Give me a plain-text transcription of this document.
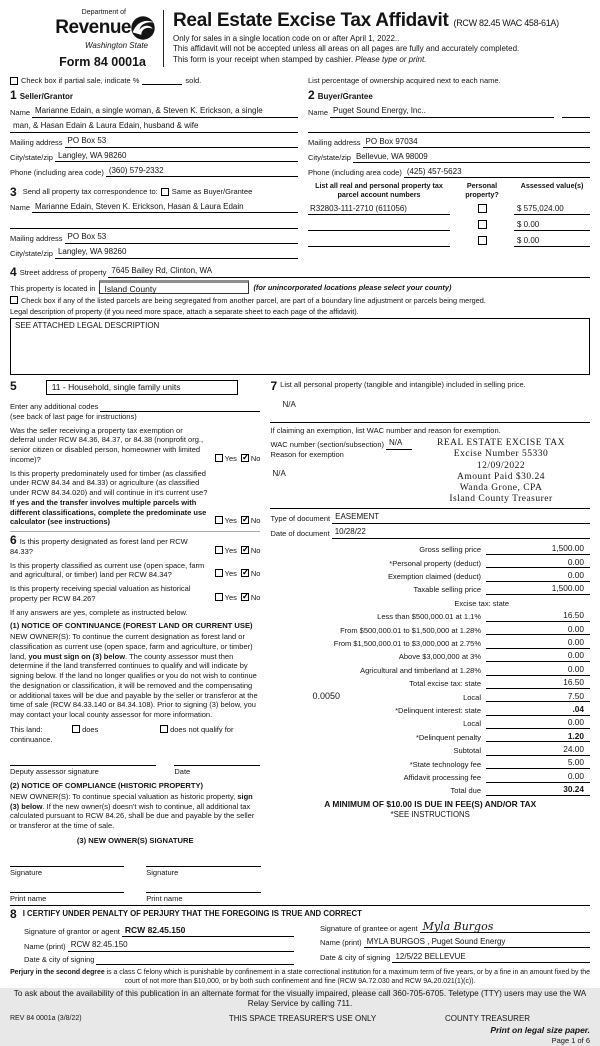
Department of
Revenue
Washington State
Form 84 0001a
Real Estate Excise Tax Affidavit (RCW 82.45 WAC 458-61A)
Only for sales in a single location code on or after April 1, 2022..
This affidavit will not be accepted unless all areas on all pages are fully and accurately completed.
This form is your receipt when stamped by cashier. Please type or print.
Check box if partial sale, indicate %	sold.	List percentage of ownership acquired next to each name.
1 Seller/Grantor
Name Marianne Edain, a single woman, & Steven K. Erickson, a single
man, & Hasan Edain & Laura Edain, husband & wife
Mailing address PO Box 53
City/state/zip Langley, WA 98260
Phone (including area code) (360) 579-2332
3 Send all property tax correspondence to: Same as Buyer/Grantee
Name Marianne Edain, Steven K. Erickson, Hasan & Laura Edain
Mailing address PO Box 53
City/state/zip Langley, WA 98260
2 Buyer/Grantee
Name Puget Sound Energy, Inc..
Mailing address PO Box 97034
City/state/zip Bellevue, WA 98009
Phone (including area code) (425) 457-5623
List all real and personal property tax parcel account numbers
Personal property?
Assessed value(s)
R32803-111-2710 (611056)	$ 575,024.00
$ 0.00
$ 0.00
4 Street address of property 7645 Bailey Rd, Clinton, WA
This property is located in	Island County	(for unincorporated locations please select your county)
Check box if any of the listed parcels are being segregated from another parcel, are part of a boundary line adjustment or parcels being merged.
Legal description of property (if you need more space, attach a separate sheet to each page of the affidavit).
SEE ATTACHED LEGAL DESCRIPTION
5	11 - Household, single family units
Enter any additional codes
(see back of last page for instructions)
Was the seller receiving a property tax exemption or deferral under RCW 84.36, 84.37, or 84.38 (nonprofit org., senior citizen or disabled person, homeowner with limited income)?	Yes ✓ No
Is this property predominately used for timber (as classified under RCW 84.34 and 84.33) or agriculture (as classified under RCW 84.34.020) and will continue in it's current use? If yes and the transfer involves multiple parcels with different classifications, complete the predominate use calculator (see instructions)	Yes ✓ No
6 Is this property designated as forest land per RCW 84.33?	Yes ✓ No
Is this property classified as current use (open space, farm and agricultural, or timber) land per RCW 84.34?	Yes ✓ No
Is this property receiving special valuation as historical property per RCW 84.26?	Yes ✓ No
If any answers are yes, complete as instructed below.
(1) NOTICE OF CONTINUANCE (FOREST LAND OR CURRENT USE)
NEW OWNER(S): To continue the current designation as forest land or classification as current use (open space, farm and agriculture, or timber) land, you must sign on (3) below. The county assessor must then determine if the land transferred continues to qualify and will indicate by signing below. If the land no longer qualifies or you do not wish to continue the designation or classification, it will be removed and the compensating or additional taxes will be due and payable by the seller or transferor at the time of sale (RCW 84.33.140 or 84.34.108). Prior to signing (3) below, you may contact your local county assessor for more information.
This land:	does	does not qualify for
continuance.
Deputy assessor signature	Date
(2) NOTICE OF COMPLIANCE (HISTORIC PROPERTY)
NEW OWNER(S): To continue special valuation as historic property, sign (3) below. If the new owner(s) doesn't wish to continue, all additional tax calculated pursuant to RCW 84.26, shall be due and payable by the seller or transferor at the time of sale.
(3) NEW OWNER(S) SIGNATURE
Signature	Signature
Print name	Print name
7 List all personal property (tangible and intangible) included in selling price.
N/A
If claiming an exemption, list WAC number and reason for exemption.
WAC number (section/subsection) N/A
Reason for exemption
N/A
REAL ESTATE EXCISE TAX
Excise Number 55330
12/09/2022
Amount Paid $30.24
Wanda Grone, CPA
Island County Treasurer
Type of document EASEMENT
Date of document 10/28/22
Gross selling price	1,500.00
*Personal property (deduct)	0.00
Exemption claimed (deduct)	0.00
Taxable selling price	1,500.00
Excise tax: state
Less than $500,000.01 at 1.1%	16.50
From $500,000.01 to $1,500,000 at 1.28%	0.00
From $1,500,000.01 to $3,000,000 at 2.75%	0.00
Above $3,000,000 at 3%	0.00
Agricultural and timberland at 1.28%	0.00
Total excise tax: state	16.50
0.0050	Local	7.50
*Delinquent interest: state	.04
Local	0.00
*Delinquent penalty	1.20
Subtotal	24.00
*State technology fee	5.00
Affidavit processing fee	0.00
Total due	30.24
A MINIMUM OF $10.00 IS DUE IN FEE(S) AND/OR TAX
*SEE INSTRUCTIONS
8 I CERTIFY UNDER PENALTY OF PERJURY THAT THE FOREGOING IS TRUE AND CORRECT
Signature of grantor or agent RCW 82.45.150
Name (print) RCW 82.45.150
Date & city of signing
Signature of grantee or agent Myla Burgos
Name (print) MYLA BURGOS , Puget Sound Energy
Date & city of signing 12/5/22 BELLEVUE
Perjury in the second degree is a class C felony which is punishable by confinement in a state correctional institution for a maximum term of five years, or by a fine in an amount fixed by the court of not more than $10,000, or by both such confinement and fine (RCW 9A.72.030 and RCW 9A.20.021(1)(c)).
To ask about the availability of this publication in an alternate format for the visually impaired, please call 360-705-6705. Teletype (TTY) users may use the WA Relay Service by calling 711.
REV 84 0001a (3/8/22)	THIS SPACE TREASURER'S USE ONLY	COUNTY TREASURER
Print on legal size paper.
Page 1 of 6
